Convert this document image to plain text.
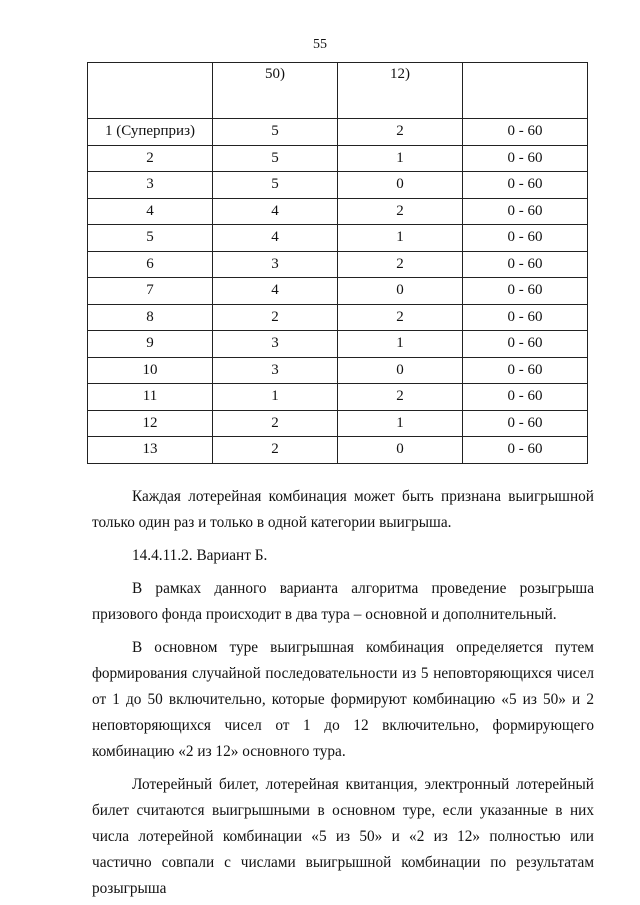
55
	50)	12)	
1 (Суперприз)	5	2	0 - 60
2	5	1	0 - 60
3	5	0	0 - 60
4	4	2	0 - 60
5	4	1	0 - 60
6	3	2	0 - 60
7	4	0	0 - 60
8	2	2	0 - 60
9	3	1	0 - 60
10	3	0	0 - 60
11	1	2	0 - 60
12	2	1	0 - 60
13	2	0	0 - 60

Каждая лотерейная комбинация может быть признана выигрышной только один раз и только в одной категории выигрыша.

14.4.11.2. Вариант Б.

В рамках данного варианта алгоритма проведение розыгрыша призового фонда происходит в два тура – основной и дополнительный.

В основном туре выигрышная комбинация определяется путем формирования случайной последовательности из 5 неповторяющихся чисел от 1 до 50 включительно, которые формируют комбинацию «5 из 50» и 2 неповторяющихся чисел от 1 до 12 включительно, формирующего комбинацию «2 из 12» основного тура.

Лотерейный билет, лотерейная квитанция, электронный лотерейный билет считаются выигрышными в основном туре, если указанные в них числа лотерейной комбинации «5 из 50» и «2 из 12» полностью или частично совпали с числами выигрышной комбинации по результатам розыгрыша
